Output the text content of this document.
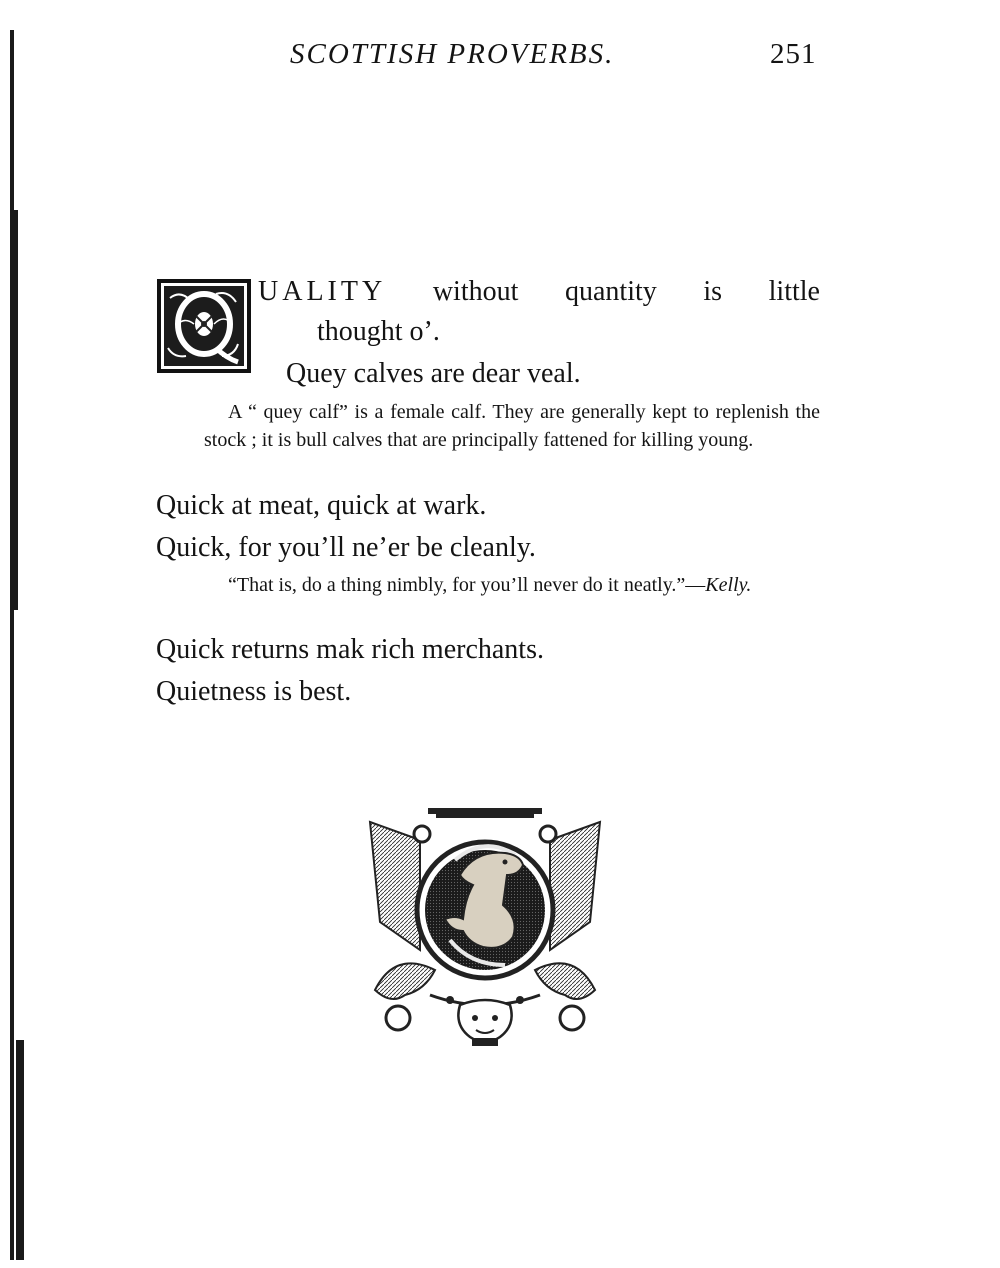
SCOTTISH PROVERBS.	251
UALITY without quantity is little
thought o’.
Quey calves are dear veal.
A “ quey calf” is a female calf. They are generally kept to replenish the stock ; it is bull calves that are principally fattened for killing young.
Quick at meat, quick at wark.
Quick, for you’ll ne’er be cleanly.
“That is, do a thing nimbly, for you’ll never do it neatly.”—Kelly.
Quick returns mak rich merchants.
Quietness is best.
